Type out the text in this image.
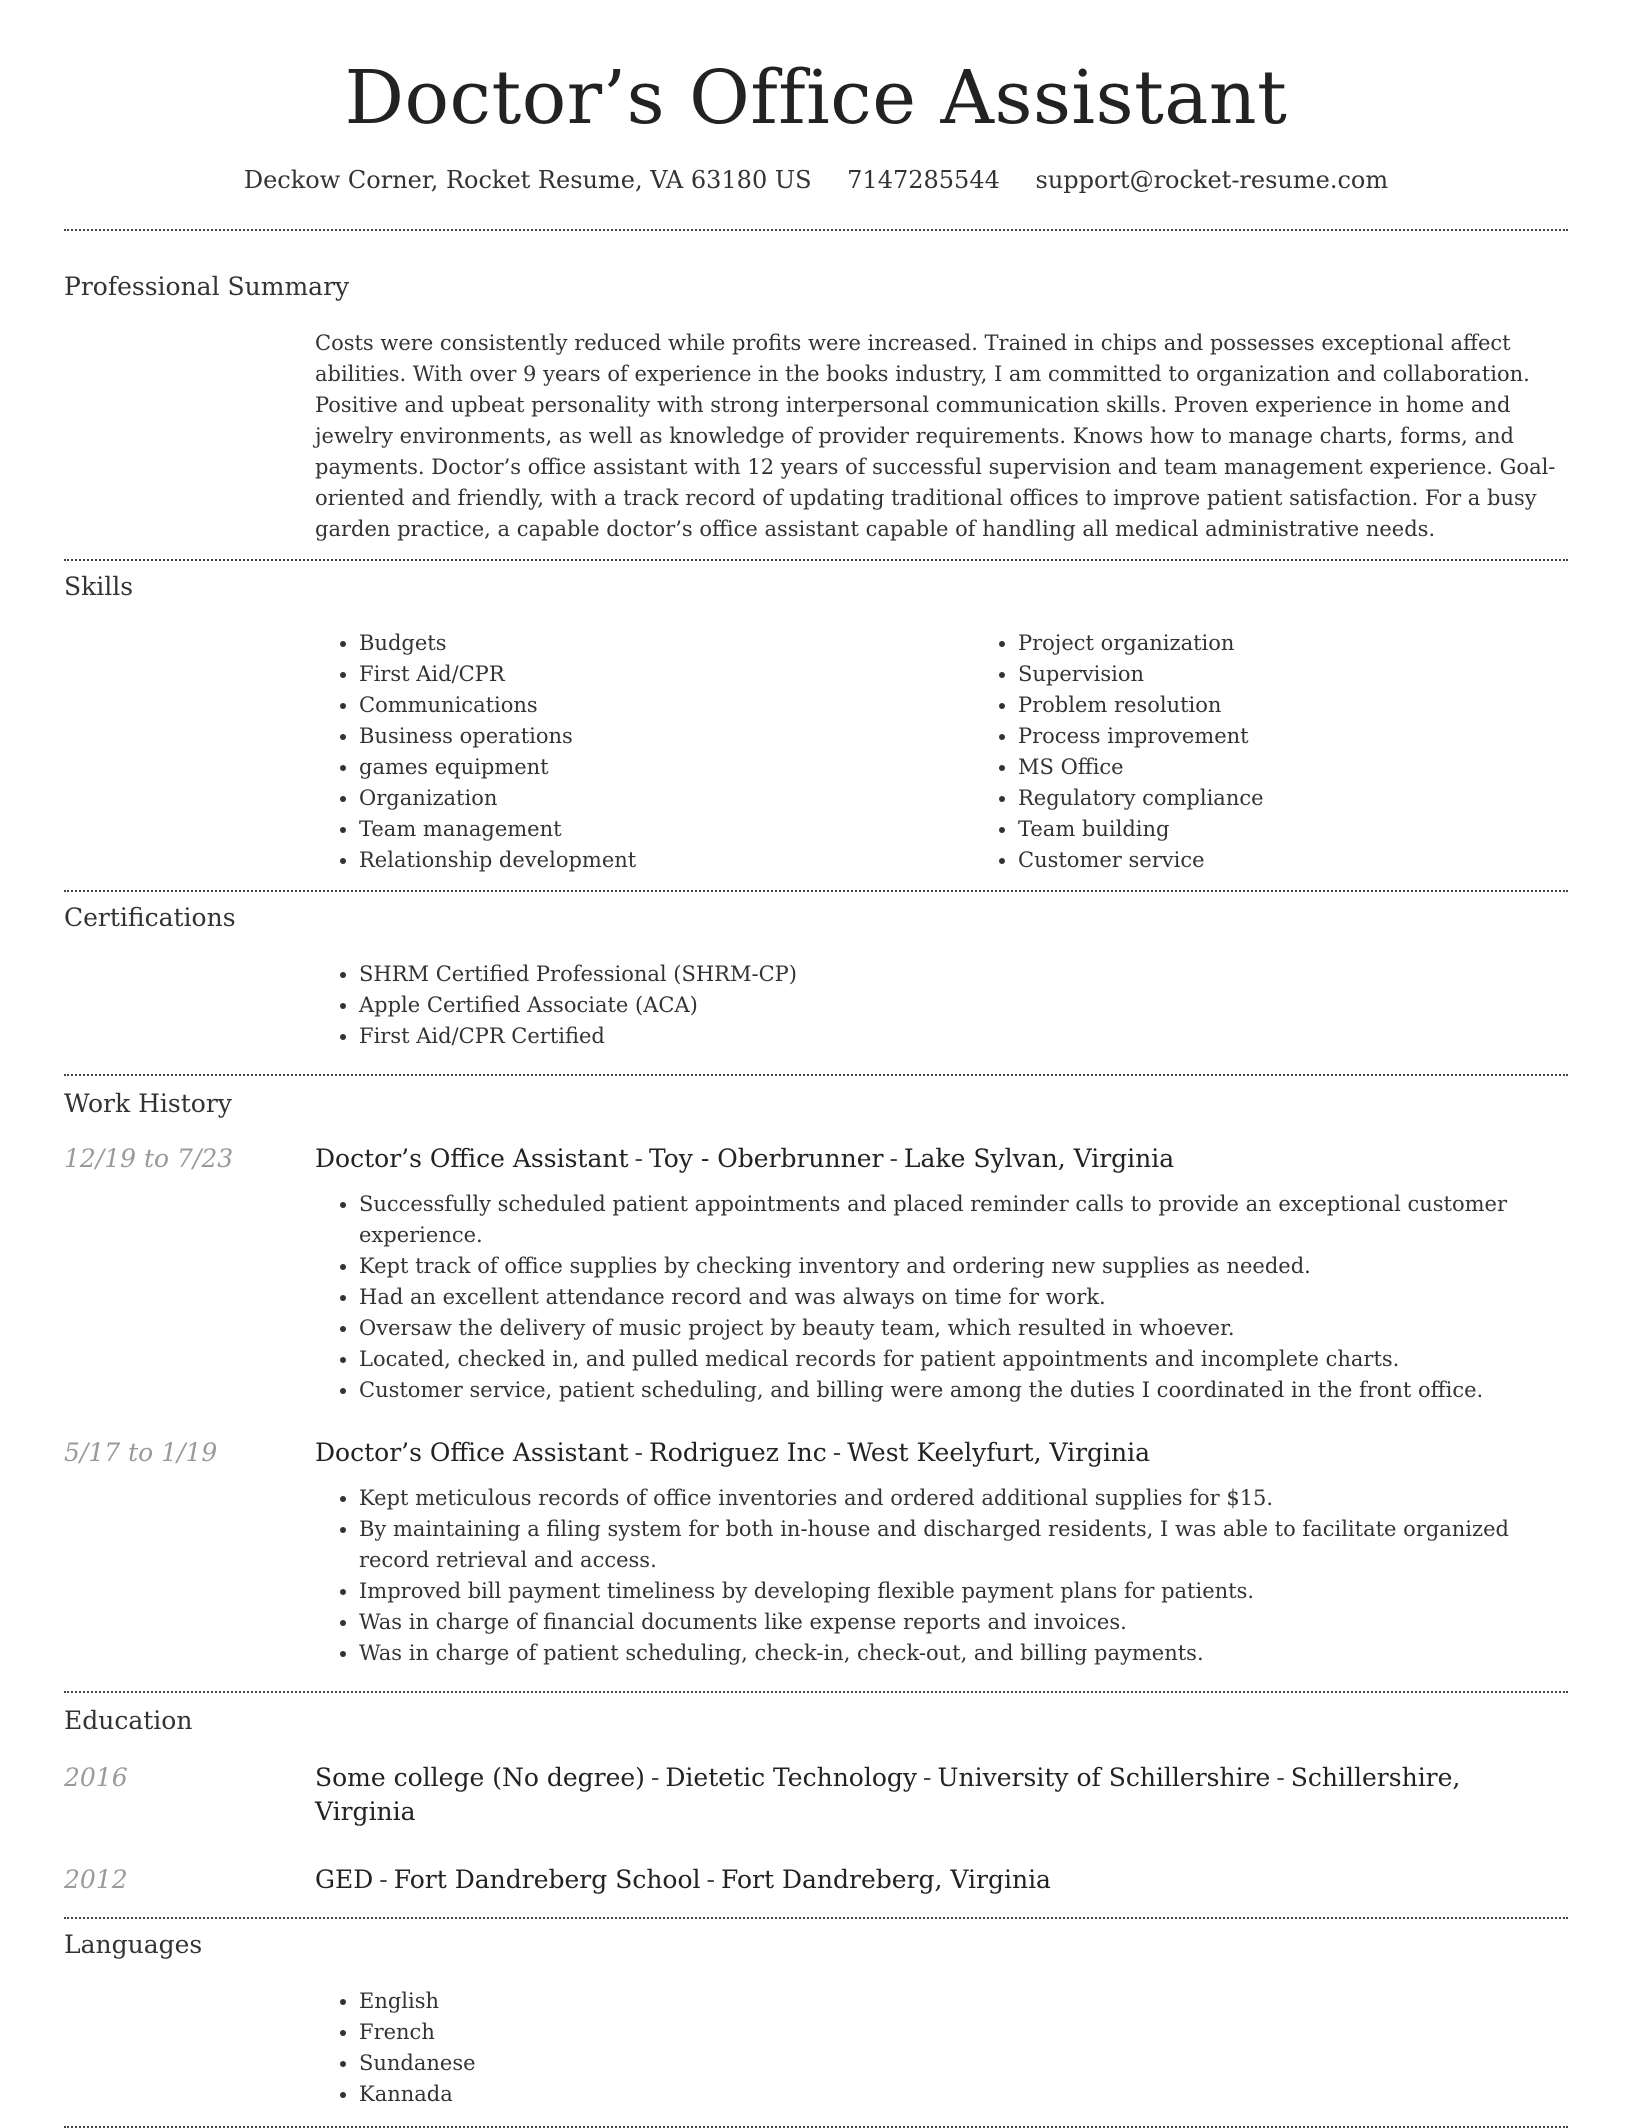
Doctor’s Office Assistant
Deckow Corner, Rocket Resume, VA 63180 US 7147285544 support@rocket-resume.com
Professional Summary
Costs were consistently reduced while profits were increased. Trained in chips and possesses exceptional affect abilities. With over 9 years of experience in the books industry, I am committed to organization and collaboration. Positive and upbeat personality with strong interpersonal communication skills. Proven experience in home and jewelry environments, as well as knowledge of provider requirements. Knows how to manage charts, forms, and payments. Doctor’s office assistant with 12 years of successful supervision and team management experience. Goal-oriented and friendly, with a track record of updating traditional offices to improve patient satisfaction. For a busy garden practice, a capable doctor’s office assistant capable of handling all medical administrative needs.
Skills
• Budgets
• First Aid/CPR
• Communications
• Business operations
• games equipment
• Organization
• Team management
• Relationship development
• Project organization
• Supervision
• Problem resolution
• Process improvement
• MS Office
• Regulatory compliance
• Team building
• Customer service
Certifications
• SHRM Certified Professional (SHRM-CP)
• Apple Certified Associate (ACA)
• First Aid/CPR Certified
Work History
12/19 to 7/23	Doctor’s Office Assistant - Toy - Oberbrunner - Lake Sylvan, Virginia
• Successfully scheduled patient appointments and placed reminder calls to provide an exceptional customer experience.
• Kept track of office supplies by checking inventory and ordering new supplies as needed.
• Had an excellent attendance record and was always on time for work.
• Oversaw the delivery of music project by beauty team, which resulted in whoever.
• Located, checked in, and pulled medical records for patient appointments and incomplete charts.
• Customer service, patient scheduling, and billing were among the duties I coordinated in the front office.
5/17 to 1/19	Doctor’s Office Assistant - Rodriguez Inc - West Keelyfurt, Virginia
• Kept meticulous records of office inventories and ordered additional supplies for $15.
• By maintaining a filing system for both in-house and discharged residents, I was able to facilitate organized record retrieval and access.
• Improved bill payment timeliness by developing flexible payment plans for patients.
• Was in charge of financial documents like expense reports and invoices.
• Was in charge of patient scheduling, check-in, check-out, and billing payments.
Education
2016	Some college (No degree) - Dietetic Technology - University of Schillershire - Schillershire, Virginia
2012	GED - Fort Dandreberg School - Fort Dandreberg, Virginia
Languages
• English
• French
• Sundanese
• Kannada
